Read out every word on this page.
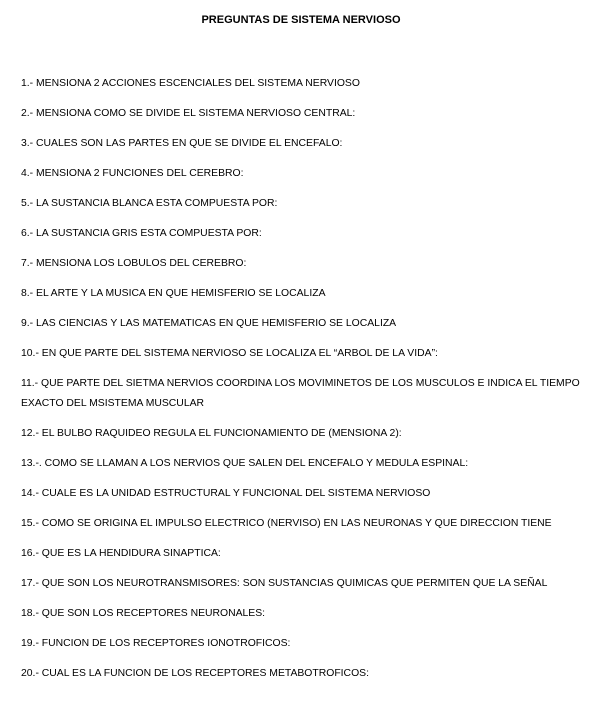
PREGUNTAS DE SISTEMA NERVIOSO
1.- MENSIONA 2 ACCIONES ESCENCIALES DEL SISTEMA NERVIOSO
2.- MENSIONA COMO SE DIVIDE EL SISTEMA NERVIOSO CENTRAL:
3.- CUALES SON LAS PARTES EN QUE SE DIVIDE EL ENCEFALO:
4.- MENSIONA 2 FUNCIONES DEL CEREBRO:
5.- LA SUSTANCIA BLANCA ESTA COMPUESTA POR:
6.- LA SUSTANCIA GRIS ESTA COMPUESTA POR:
7.- MENSIONA LOS LOBULOS DEL CEREBRO:
8.- EL ARTE Y LA MUSICA EN QUE HEMISFERIO SE LOCALIZA
9.- LAS CIENCIAS Y LAS MATEMATICAS EN QUE HEMISFERIO SE LOCALIZA
10.- EN QUE PARTE DEL SISTEMA NERVIOSO SE LOCALIZA EL “ARBOL DE LA VIDA”:
11.- QUE PARTE DEL SIETMA NERVIOS COORDINA LOS MOVIMINETOS DE LOS MUSCULOS E INDICA EL TIEMPO EXACTO DEL MSISTEMA MUSCULAR
12.- EL BULBO RAQUIDEO REGULA EL FUNCIONAMIENTO DE (MENSIONA 2):
13.-. COMO SE LLAMAN A LOS NERVIOS QUE SALEN DEL ENCEFALO Y MEDULA ESPINAL:
14.- CUALE ES LA UNIDAD ESTRUCTURAL Y FUNCIONAL DEL SISTEMA NERVIOSO
15.- COMO SE ORIGINA EL IMPULSO ELECTRICO (NERVISO) EN LAS NEURONAS Y QUE DIRECCION TIENE
16.- QUE ES LA HENDIDURA SINAPTICA:
17.- QUE SON LOS NEUROTRANSMISORES: SON SUSTANCIAS QUIMICAS QUE PERMITEN QUE LA SEÑAL
18.- QUE SON LOS RECEPTORES NEURONALES:
19.- FUNCION DE LOS RECEPTORES IONOTROFICOS:
20.- CUAL ES LA FUNCION DE LOS RECEPTORES METABOTROFICOS:
